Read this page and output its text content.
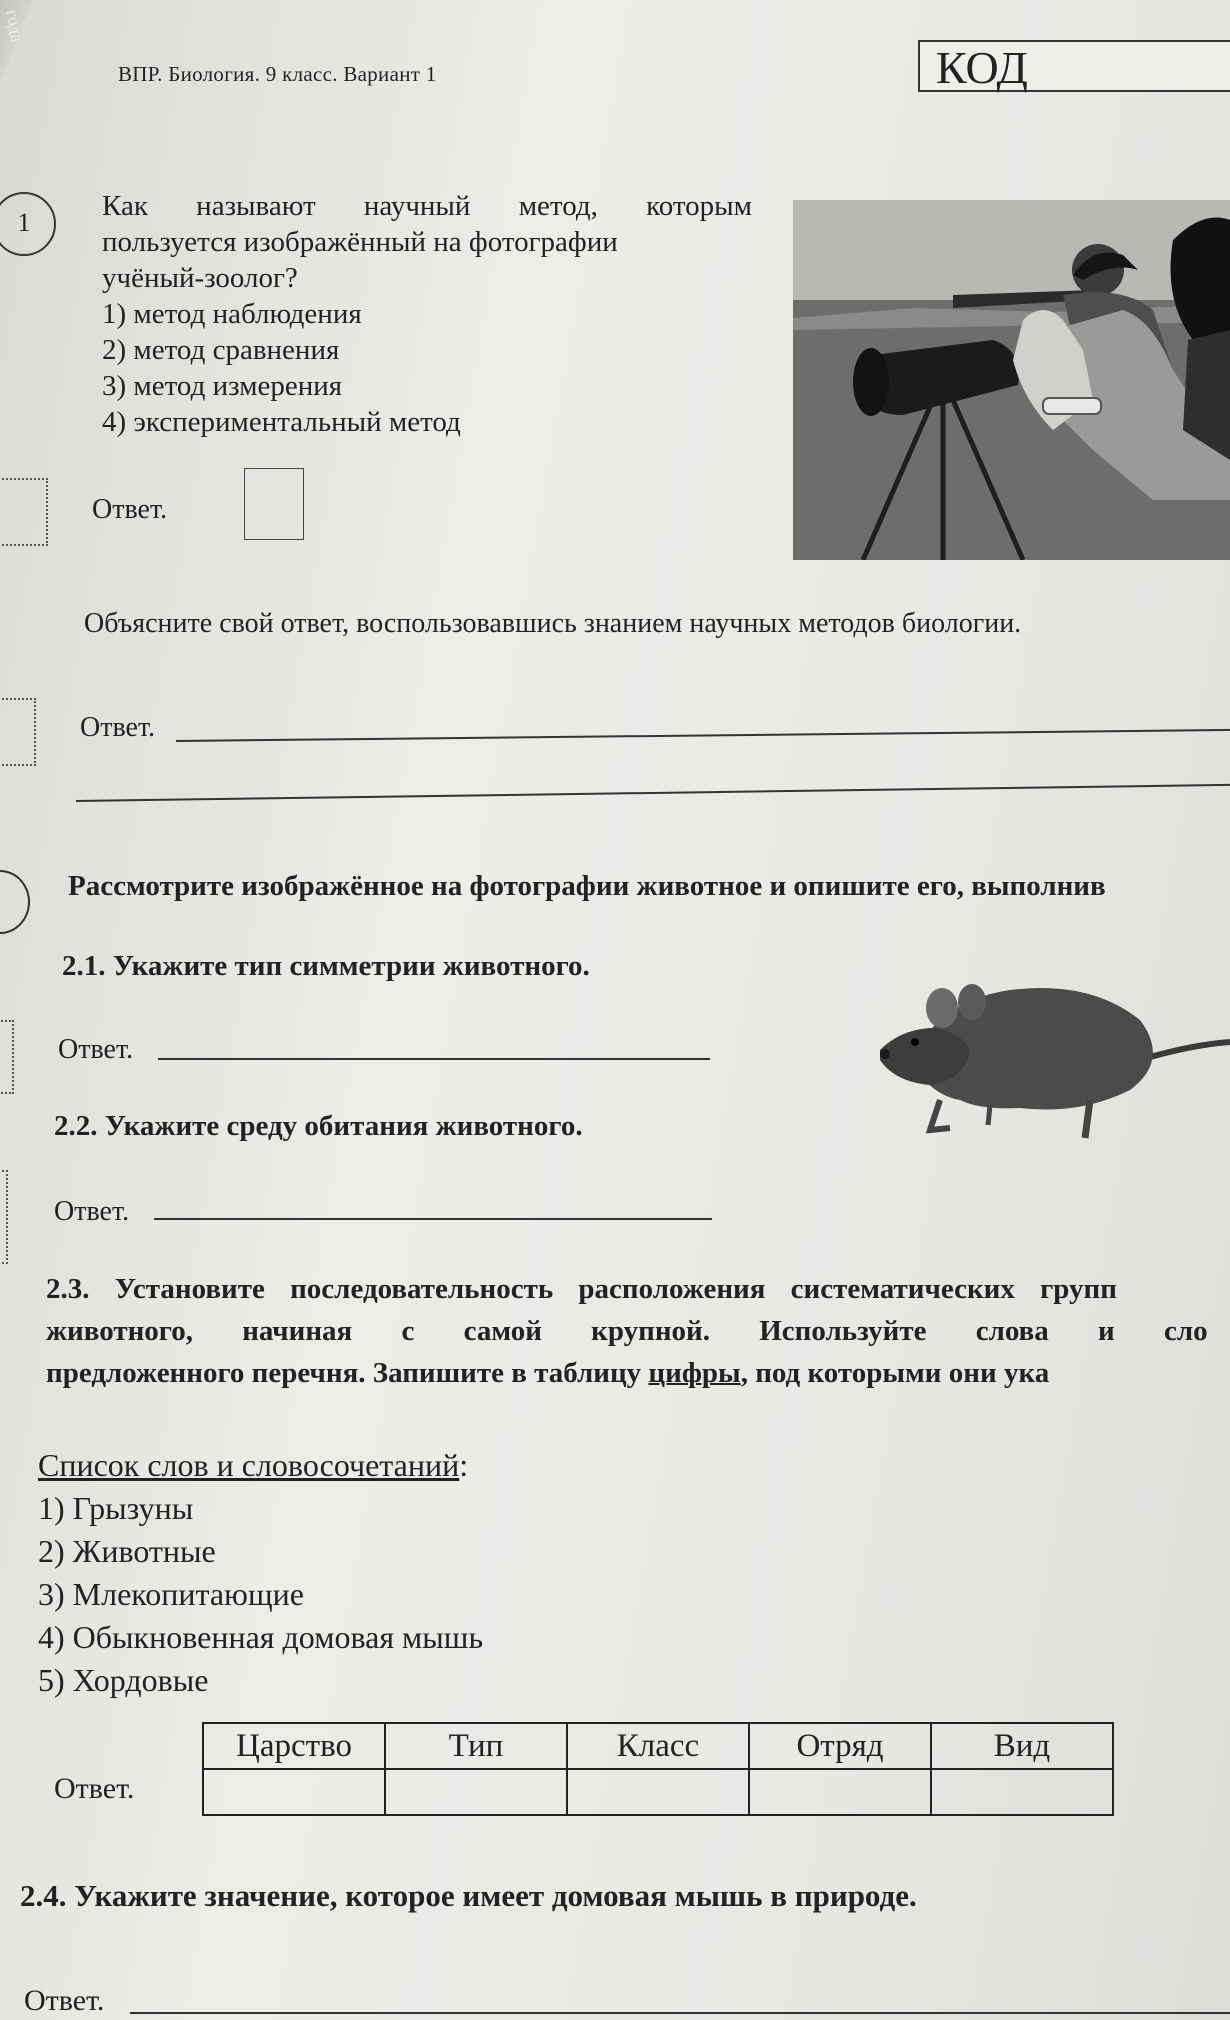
года
ВПР. Биология. 9 класс. Вариант 1	КОД
1
Как называют научный метод, которым
пользуется изображённый на фотографии
учёный-зоолог?
1) метод наблюдения
2) метод сравнения
3) метод измерения
4) экспериментальный метод
Ответ.
Объясните свой ответ, воспользовавшись знанием научных методов биологии.
Ответ.
Рассмотрите изображённое на фотографии животное и опишите его, выполнив
2.1. Укажите тип симметрии животного.
Ответ.
2.2. Укажите среду обитания животного.
Ответ.
2.3. Установите последовательность расположения систематических групп
животного, начиная с самой крупной. Используйте слова и сло
предложенного перечня. Запишите в таблицу цифры, под которыми они ука
Список слов и словосочетаний:
1) Грызуны
2) Животные
3) Млекопитающие
4) Обыкновенная домовая мышь
5) Хордовые
Ответ.
Царство	Тип	Класс	Отряд	Вид

2.4. Укажите значение, которое имеет домовая мышь в природе.
Ответ.
